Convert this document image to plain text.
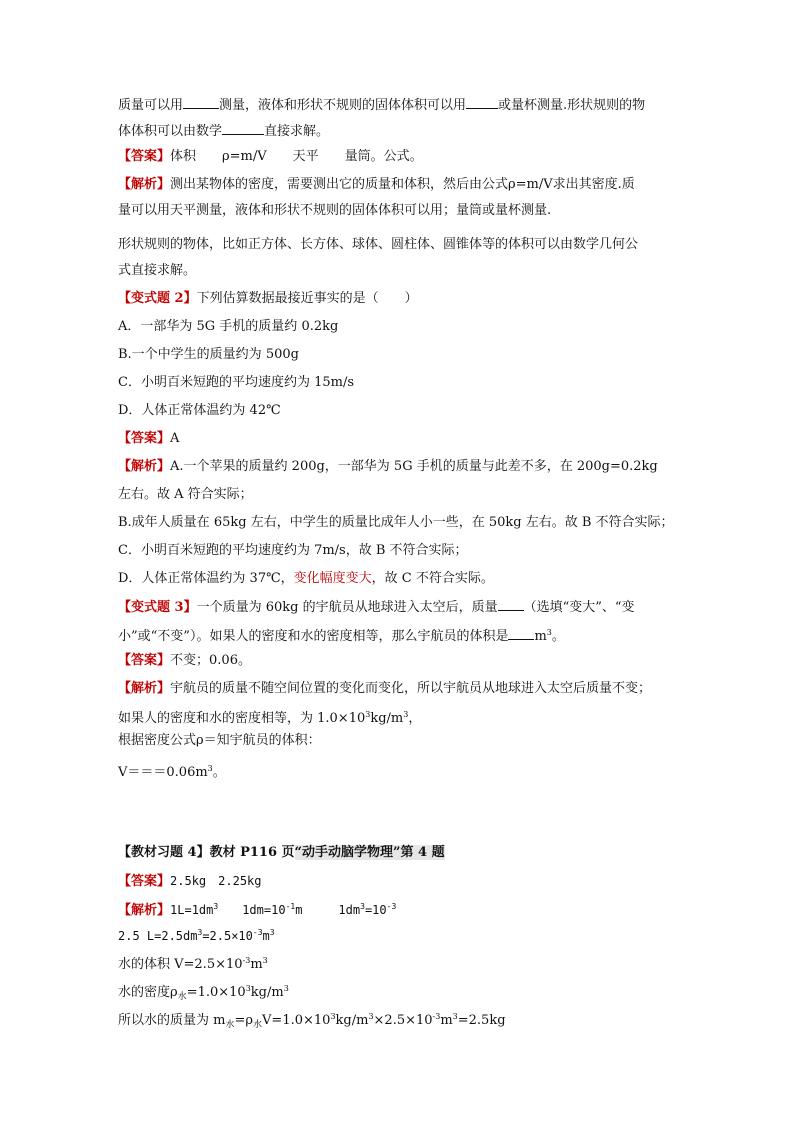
质量可以用	测量，液体和形状不规则的固体体积可以用 或量杯测量.形状规则的物
体体积可以由数学	直接求解。
【答案】体积　　ρ=m/V　　天平　　量筒。公式。
【解析】测出某物体的密度，需要测出它的质量和体积，然后由公式ρ=m/V求出其密度.质
量可以用天平测量，液体和形状不规则的固体体积可以用；量筒或量杯测量.
形状规则的物体，比如正方体、长方体、球体、圆柱体、圆锥体等的体积可以由数学几何公
式直接求解。
【变式题 2】下列估算数据最接近事实的是（　　）
A．一部华为 5G 手机的质量约 0.2kg
B.一个中学生的质量约为 500g
C．小明百米短跑的平均速度约为 15m/s
D．人体正常体温约为 42℃
【答案】A
【解析】A.一个苹果的质量约 200g，一部华为 5G 手机的质量与此差不多，在 200g=0.2kg
左右。故 A 符合实际；
B.成年人质量在 65kg 左右，中学生的质量比成年人小一些，在 50kg 左右。故 B 不符合实际；
C．小明百米短跑的平均速度约为 7m/s，故 B 不符合实际；
D．人体正常体温约为 37℃，变化幅度变大，故 C 不符合实际。
【变式题 3】一个质量为 60kg 的宇航员从地球进入太空后，质量 （选填“变大”、“变
小”或“不变”）。如果人的密度和水的密度相等，那么宇航员的体积是 $m^3$。
【答案】不变；0.06。
【解析】宇航员的质量不随空间位置的变化而变化，所以宇航员从地球进入太空后质量不变；
如果人的密度和水的密度相等，为 $1.0\times 10^3kg/m^3$，
根据密度公式ρ＝知宇航员的体积：
$V===0.06m^3$。
【教材习题 4】教材 P116 页“动手动脑学物理”第 4 题
【答案】2.5kg　2.25kg
【解析】$1L=1dm^3$　　$1dm=10^{-1}m$　　　$1dm^3=10^{-3}$
2.5 $L=2.5dm^3=2.5\times 10^{-3}m^3$
水的体积 $V=2.5\times 10^{-3}m^3$
水的密度$\rho_水=1.0\times 10^3kg/m^3$
所以水的质量为 $m_水=\rho_水V=1.0\times 10^3kg/m^3\times 2.5\times 10^{-3}m^3=2.5kg$
